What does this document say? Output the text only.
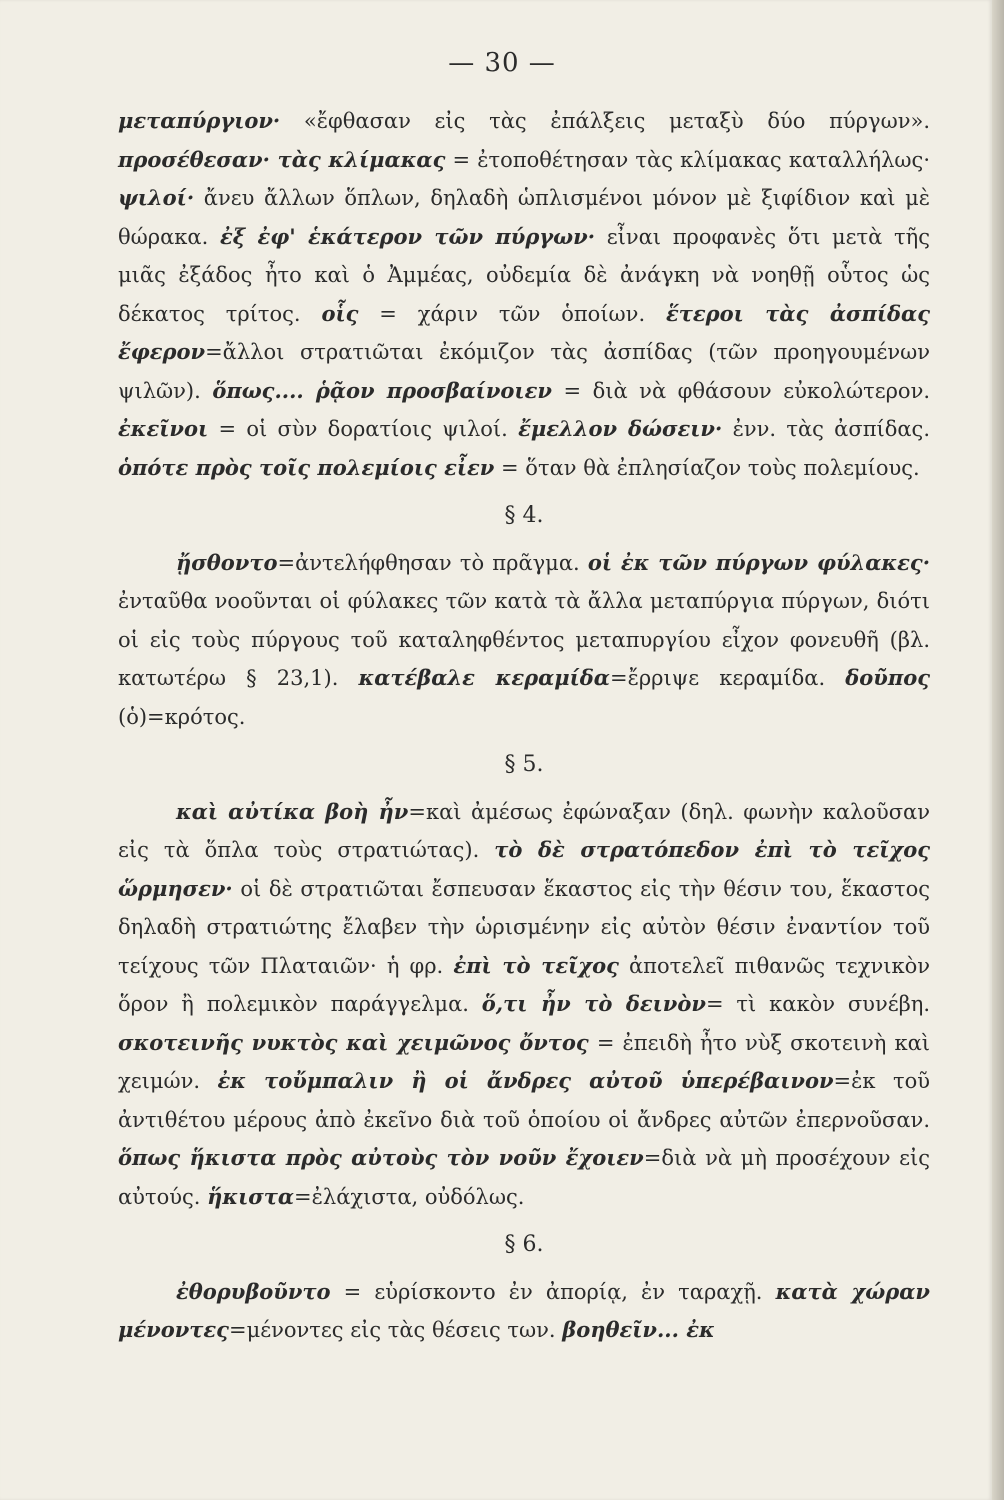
— 30 —

μεταπύργιον· «ἔφθασαν εἰς τὰς ἐπάλξεις μεταξὺ δύο πύργων». προσέθεσαν· τὰς κλίμακας = ἐτοποθέτησαν τὰς κλίμακας καταλλήλως· ψιλοί· ἄνευ ἄλλων ὅπλων, δηλαδὴ ὡπλισμένοι μόνον μὲ ξιφίδιον καὶ μὲ θώρακα. ἐξ ἐφ' ἑκάτερον τῶν πύργων· εἶναι προφανὲς ὅτι μετὰ τῆς μιᾶς ἐξάδος ἦτο καὶ ὁ Ἀμμέας, οὐδεμία δὲ ἀνάγκη νὰ νοηθῇ οὗτος ὡς δέκατος τρίτος. οἷς = χάριν τῶν ὁποίων. ἕτεροι τὰς ἀσπίδας ἔφερον=ἄλλοι στρατιῶται ἐκόμιζον τὰς ἀσπίδας (τῶν προηγουμένων ψιλῶν). ὅπως.... ῥᾷον προσβαίνοιεν = διὰ νὰ φθάσουν εὐκολώτερον. ἐκεῖνοι = οἱ σὺν δορατίοις ψιλοί. ἔμελλον δώσειν· ἐνν. τὰς ἀσπίδας. ὁπότε πρὸς τοῖς πολεμίοις εἶεν = ὅταν θὰ ἐπλησίαζον τοὺς πολεμίους.

§ 4.

ᾔσθοντο=ἀντελήφθησαν τὸ πρᾶγμα. οἱ ἐκ τῶν πύργων φύλακες· ἐνταῦθα νοοῦνται οἱ φύλακες τῶν κατὰ τὰ ἄλλα μεταπύργια πύργων, διότι οἱ εἰς τοὺς πύργους τοῦ καταληφθέντος μεταπυργίου εἶχον φονευθῆ (βλ. κατωτέρω § 23,1). κατέβαλε κεραμίδα=ἔρριψε κεραμίδα. δοῦπος (ὁ)=κρότος.

§ 5.

καὶ αὐτίκα βοὴ ἦν=καὶ ἀμέσως ἐφώναξαν (δηλ. φωνὴν καλοῦσαν εἰς τὰ ὅπλα τοὺς στρατιώτας). τὸ δὲ στρατόπεδον ἐπὶ τὸ τεῖχος ὥρμησεν· οἱ δὲ στρατιῶται ἔσπευσαν ἕκαστος εἰς τὴν θέσιν του, ἕκαστος δηλαδὴ στρατιώτης ἔλαβεν τὴν ὡρισμένην εἰς αὐτὸν θέσιν ἐναντίον τοῦ τείχους τῶν Πλαταιῶν· ἡ φρ. ἐπὶ τὸ τεῖχος ἀποτελεῖ πιθανῶς τεχνικὸν ὅρον ἢ πολεμικὸν παράγγελμα. ὅ,τι ἦν τὸ δεινὸν= τὶ κακὸν συνέβη. σκοτεινῆς νυκτὸς καὶ χειμῶνος ὄντος = ἐπειδὴ ἦτο νὺξ σκοτεινὴ καὶ χειμών. ἐκ τοὔμπαλιν ἢ οἱ ἄνδρες αὐτοῦ ὑπερέβαινον=ἐκ τοῦ ἀντιθέτου μέρους ἀπὸ ἐκεῖνο διὰ τοῦ ὁποίου οἱ ἄνδρες αὐτῶν ἐπερνοῦσαν. ὅπως ἥκιστα πρὸς αὐτοὺς τὸν νοῦν ἔχοιεν=διὰ νὰ μὴ προσέχουν εἰς αὐτούς. ἥκιστα=ἐλάχιστα, οὐδόλως.

§ 6.

ἐθορυβοῦντο = εὑρίσκοντο ἐν ἀπορίᾳ, ἐν ταραχῇ. κατὰ χώραν μένοντες=μένοντες εἰς τὰς θέσεις των. βοηθεῖν... ἐκ
